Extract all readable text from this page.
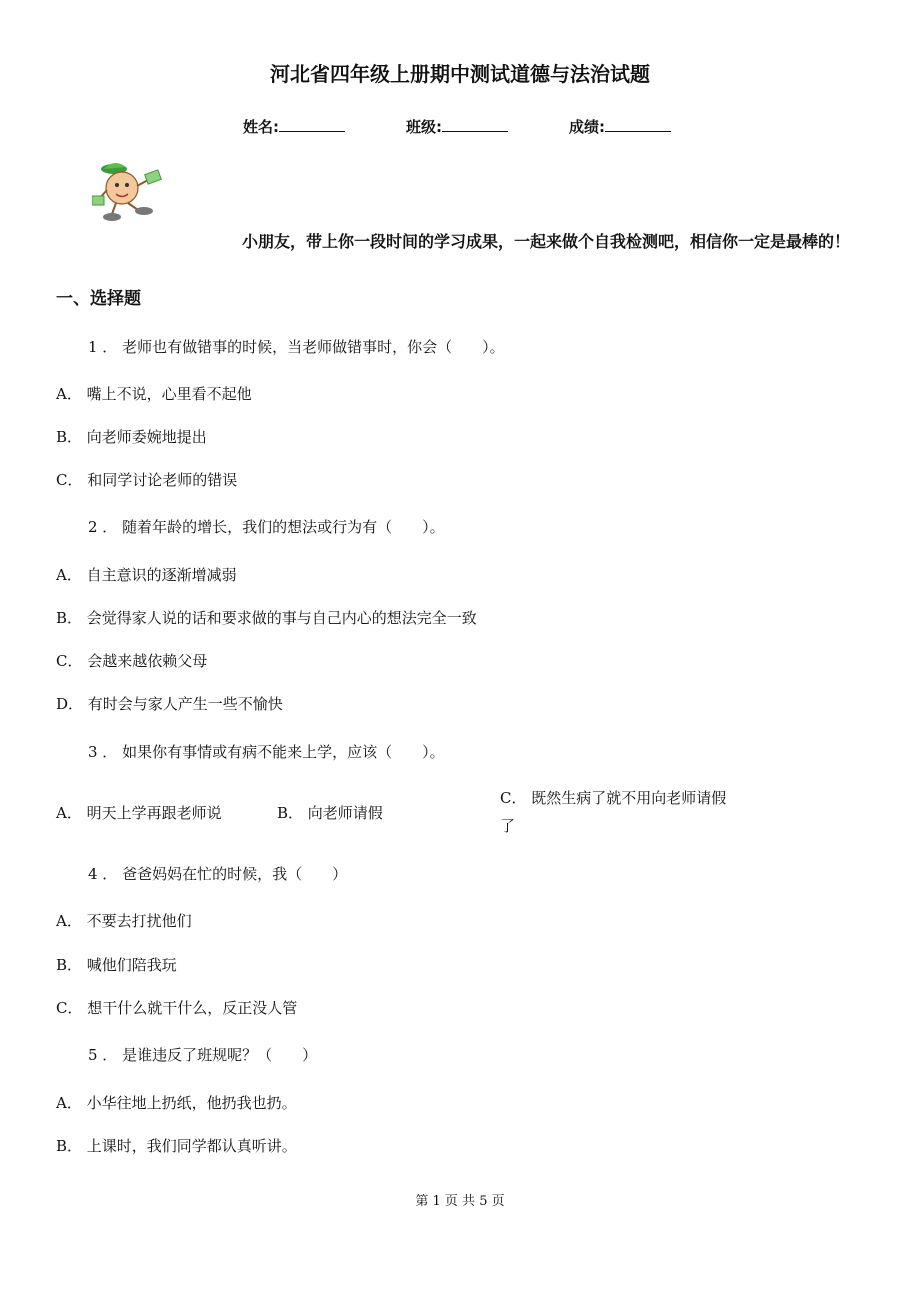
河北省四年级上册期中测试道德与法治试题
姓名:	班级:	成绩:
小朋友，带上你一段时间的学习成果，一起来做个自我检测吧，相信你一定是最棒的！
一、选择题
1 ． 老师也有做错事的时候，当老师做错事时，你会（　　）。
A． 嘴上不说，心里看不起他
B． 向老师委婉地提出
C． 和同学讨论老师的错误
2 ． 随着年龄的增长，我们的想法或行为有（　　）。
A． 自主意识的逐渐增减弱
B． 会觉得家人说的话和要求做的事与自己内心的想法完全一致
C． 会越来越依赖父母
D． 有时会与家人产生一些不愉快
3 ． 如果你有事情或有病不能来上学，应该（　　）。
A． 明天上学再跟老师说	B． 向老师请假
C． 既然生病了就不用向老师请假了
4 ． 爸爸妈妈在忙的时候，我（　　）
A． 不要去打扰他们
B． 喊他们陪我玩
C． 想干什么就干什么，反正没人管
5 ． 是谁违反了班规呢？（　　）
A． 小华往地上扔纸，他扔我也扔。
B． 上课时，我们同学都认真听讲。
第 1 页 共 5 页
